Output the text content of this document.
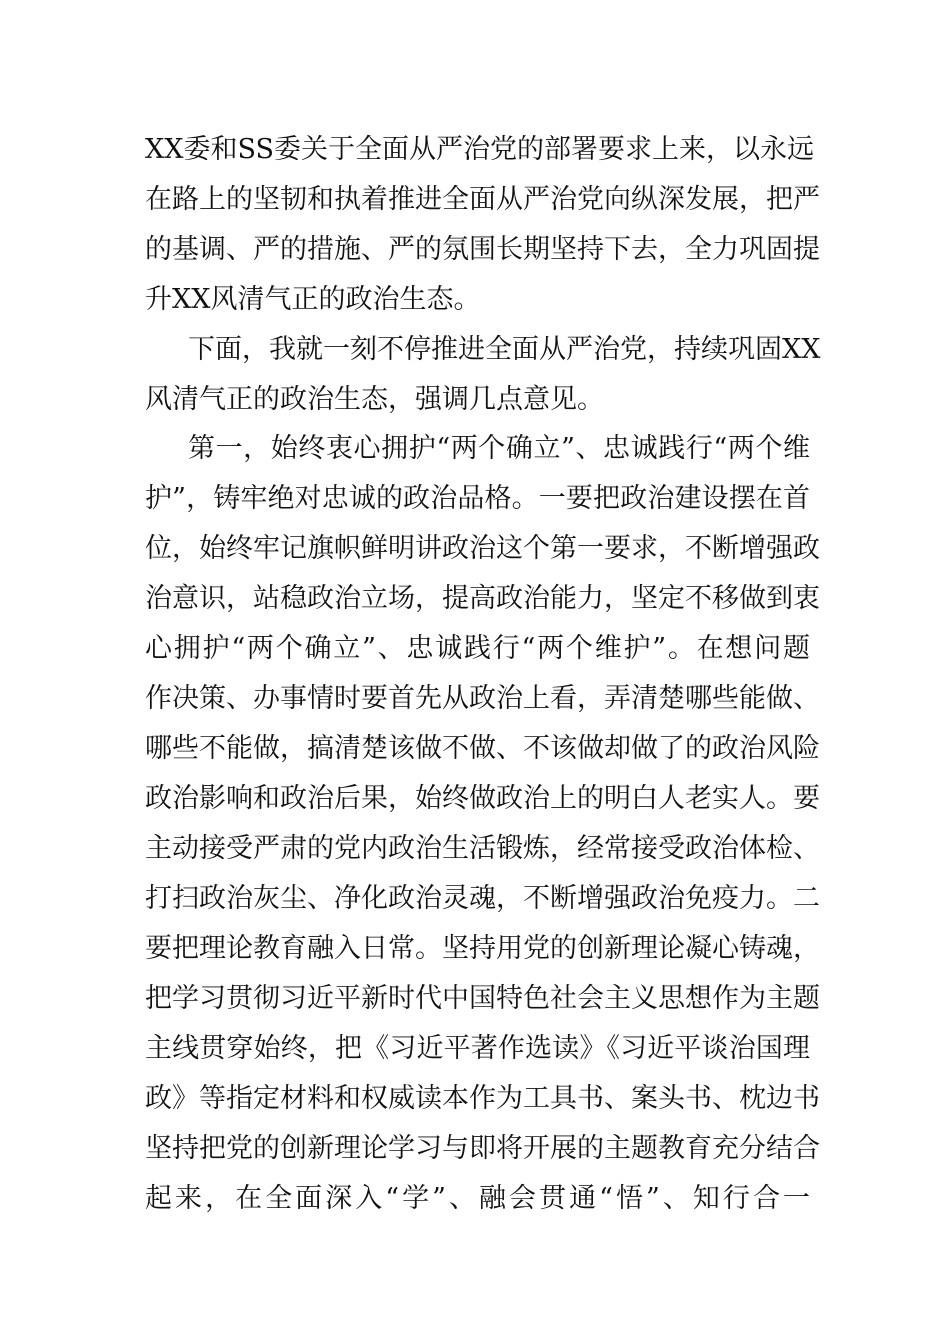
XX委和SS委关于全面从严治党的部署要求上来，以永远
在路上的坚韧和执着推进全面从严治党向纵深发展，把严
的基调、严的措施、严的氛围长期坚持下去，全力巩固提
升XX风清气正的政治生态。
下面，我就一刻不停推进全面从严治党，持续巩固XX
风清气正的政治生态，强调几点意见。
第一，始终衷心拥护“两个确立”、忠诚践行“两个维
护”，铸牢绝对忠诚的政治品格。一要把政治建设摆在首
位，始终牢记旗帜鲜明讲政治这个第一要求，不断增强政
治意识，站稳政治立场，提高政治能力，坚定不移做到衷
心拥护“两个确立”、忠诚践行“两个维护”。在想问题
作决策、办事情时要首先从政治上看，弄清楚哪些能做、
哪些不能做，搞清楚该做不做、不该做却做了的政治风险
政治影响和政治后果，始终做政治上的明白人老实人。要
主动接受严肃的党内政治生活锻炼，经常接受政治体检、
打扫政治灰尘、净化政治灵魂，不断增强政治免疫力。二
要把理论教育融入日常。坚持用党的创新理论凝心铸魂，
把学习贯彻习近平新时代中国特色社会主义思想作为主题
主线贯穿始终，把《习近平著作选读》《习近平谈治国理
政》等指定材料和权威读本作为工具书、案头书、枕边书
坚持把党的创新理论学习与即将开展的主题教育充分结合
起来，在全面深入“学”、融会贯通“悟”、知行合一
